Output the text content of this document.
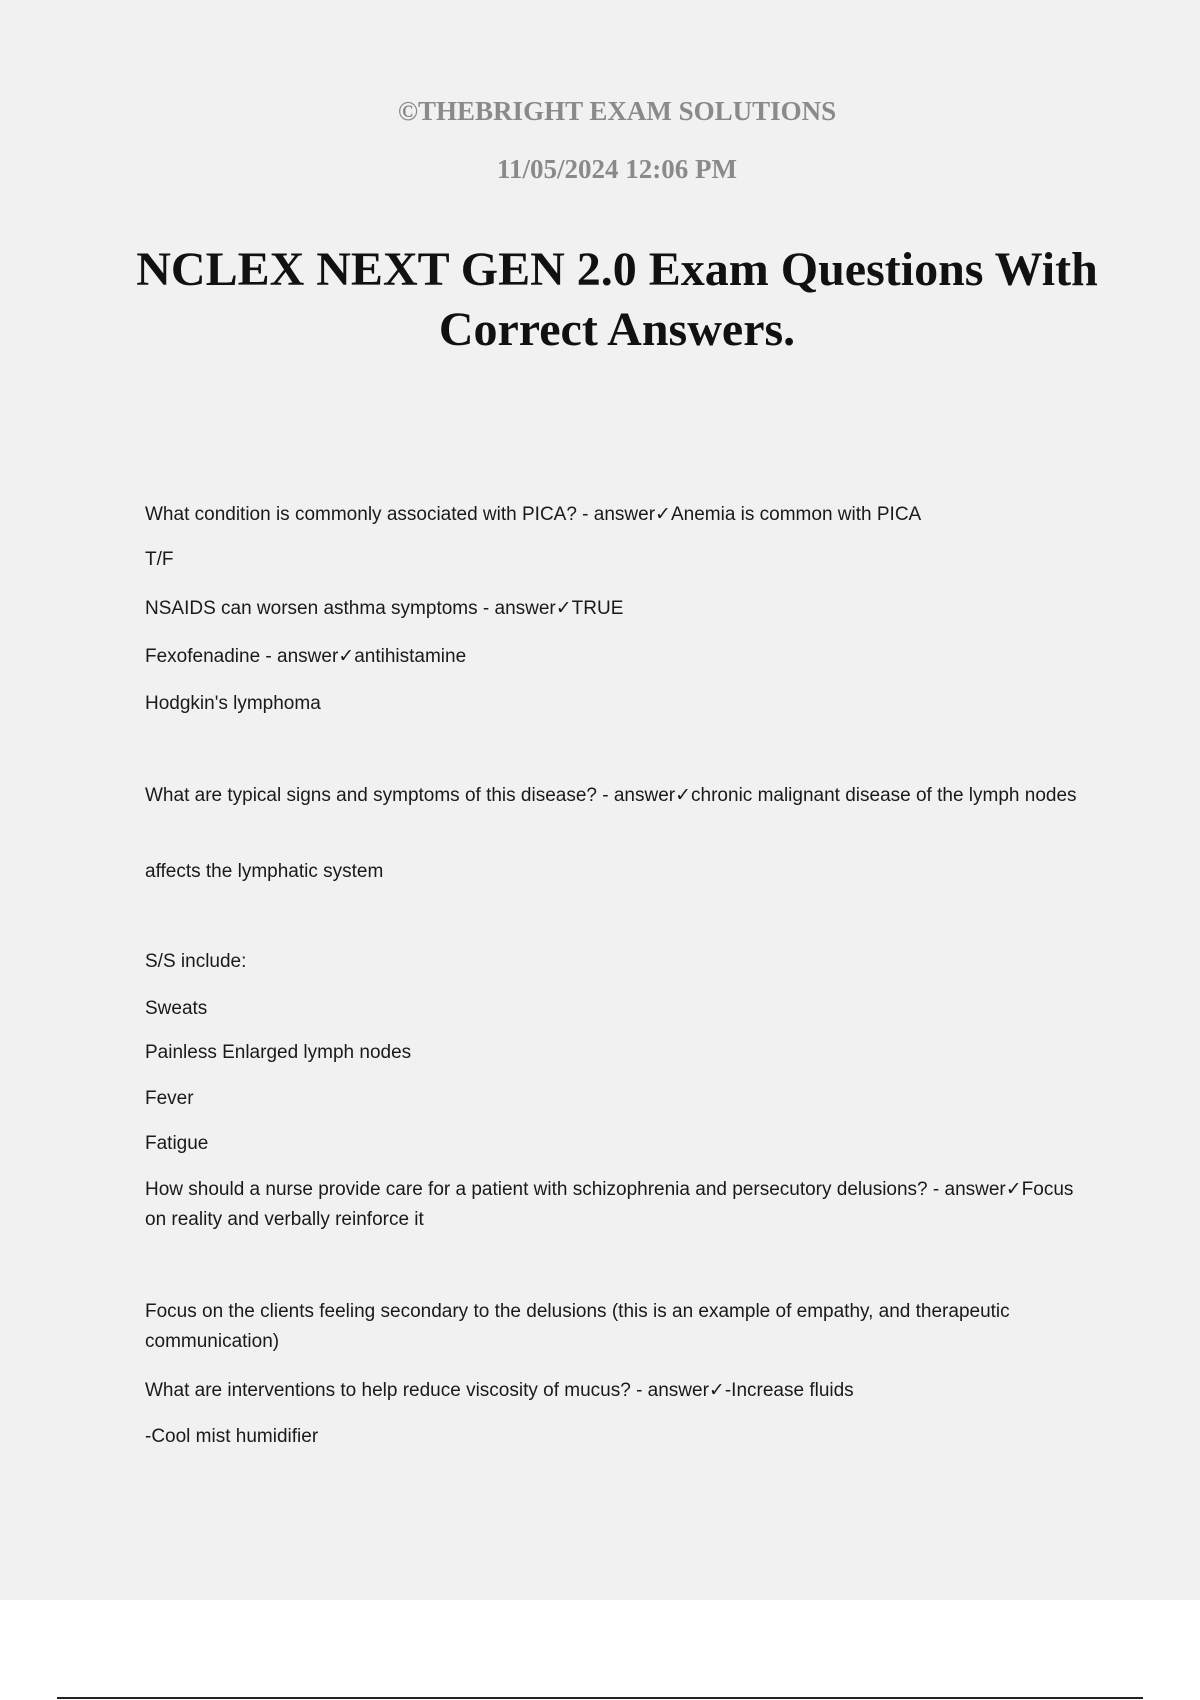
©THEBRIGHT EXAM SOLUTIONS

11/05/2024 12:06 PM

NCLEX NEXT GEN 2.0 Exam Questions With Correct Answers.

What condition is commonly associated with PICA? - answer✓Anemia is common with PICA

T/F

NSAIDS can worsen asthma symptoms - answer✓TRUE

Fexofenadine - answer✓antihistamine

Hodgkin's lymphoma

What are typical signs and symptoms of this disease? - answer✓chronic malignant disease of the lymph nodes

affects the lymphatic system

S/S include:

Sweats

Painless Enlarged lymph nodes

Fever

Fatigue

How should a nurse provide care for a patient with schizophrenia and persecutory delusions? - answer✓Focus on reality and verbally reinforce it

Focus on the clients feeling secondary to the delusions (this is an example of empathy, and therapeutic communication)

What are interventions to help reduce viscosity of mucus? - answer✓-Increase fluids

-Cool mist humidifier
